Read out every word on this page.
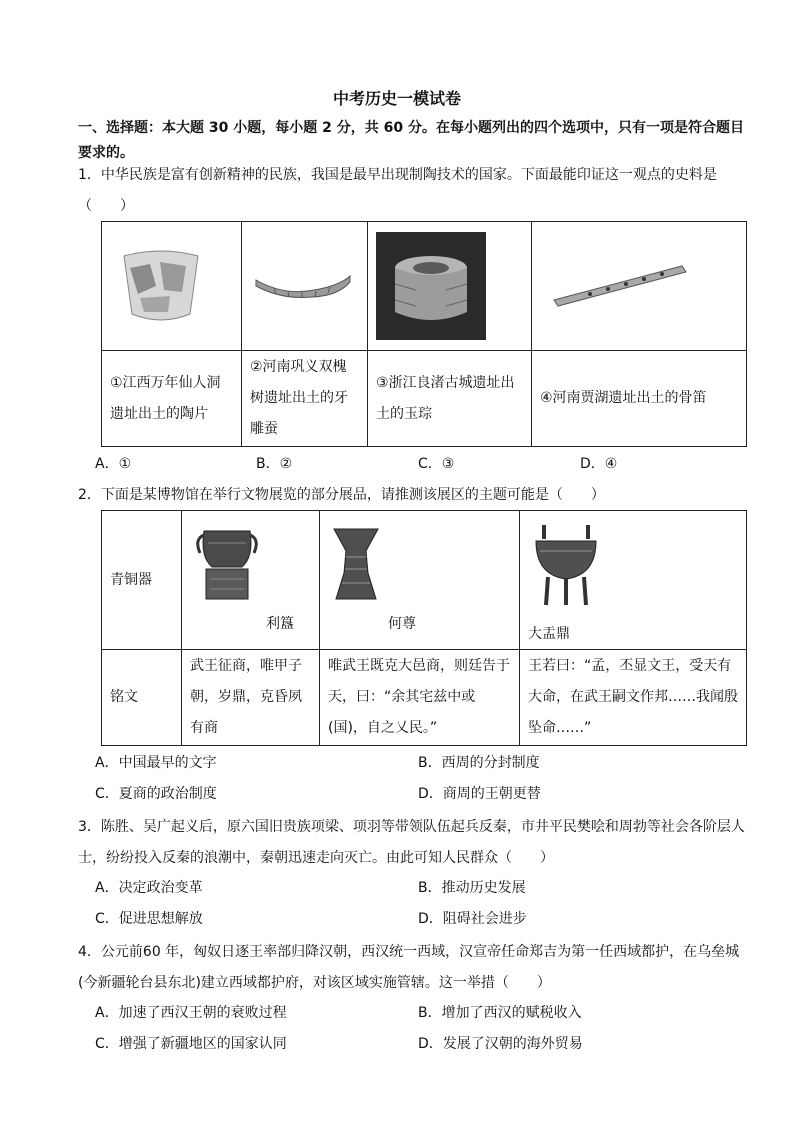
中考历史一模试卷
一、选择题：本大题 30 小题，每小题 2 分，共 60 分。在每小题列出的四个选项中，只有一项是符合题目要求的。
1．中华民族是富有创新精神的民族，我国是最早出现制陶技术的国家。下面最能印证这一观点的史料是（　　）

①江西万年仙人洞遗址出土的陶片	②河南巩义双槐树遗址出土的牙雕蚕	③浙江良渚古城遗址出土的玉琮	④河南贾湖遗址出土的骨笛
A．①	B．②	C．③	D．④
2．下面是某博物馆在举行文物展览的部分展品，请推测该展区的主题可能是（　　）
青铜器	利簋	何尊	大盂鼎

铭文	武王征商，唯甲子朝，岁鼎，克昏夙有商	唯武王既克大邑商，则廷告于天，曰：“余其宅兹中或(国)，自之乂民。”	王若曰：“孟，丕显文王，受天有大命，在武王嗣文作邦……我闻殷坠命……”
A．中国最早的文字	B．西周的分封制度
C．夏商的政治制度	D．商周的王朝更替
3．陈胜、吴广起义后，原六国旧贵族项梁、项羽等带领队伍起兵反秦，市井平民樊哙和周勃等社会各阶层人士，纷纷投入反秦的浪潮中，秦朝迅速走向灭亡。由此可知人民群众（　　）
A．决定政治变革	B．推动历史发展
C．促进思想解放	D．阻碍社会进步
4．公元前60 年，匈奴日逐王率部归降汉朝，西汉统一西域，汉宣帝任命郑吉为第一任西域都护，在乌垒城(今新疆轮台县东北)建立西域都护府，对该区域实施管辖。这一举措（　　）
A．加速了西汉王朝的衰败过程	B．增加了西汉的赋税收入
C．增强了新疆地区的国家认同	D．发展了汉朝的海外贸易
